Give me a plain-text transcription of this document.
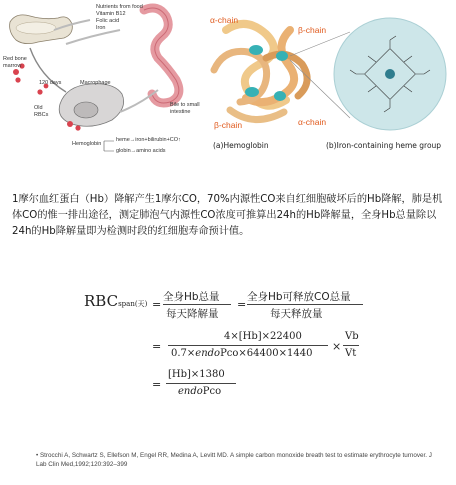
Nutrients from food
Vitamin B12
Folic acid
Iron
Red bone marrow
120 days	Macrophage
Old RBCs
Hemoglobin
heme→iron+bilirubin+CO↑
globin→amino acids
Bile to small intestine
α-chain
β-chain
β-chain	α-chain
(a)Hemoglobin	(b)Iron-containing heme group
1摩尔血红蛋白（Hb）降解产生1摩尔CO，70%内源性CO来自红细胞破坏后的Hb降解，肺是机体CO的惟一排出途径，测定肺泡气内源性CO浓度可推算出24h的Hb降解量，全身Hb总量除以24h的Hb降解量即为检测时段的红细胞寿命预计值。
RBCspan(天) =
全身Hb总量
每天降解量
=
全身Hb可释放CO总量
每天释放量
=
4×[Hb]×22400
0.7×endoPco×64400×1440
×
Vb
Vt
=
[Hb]×1380
endoPco
• Strocchi A, Schwartz S, Ellefson M, Engel RR, Medina A, Levitt MD. A simple carbon monoxide breath test to estimate erythrocyte turnover. J Lab Clin Med,1992;120:392–399
